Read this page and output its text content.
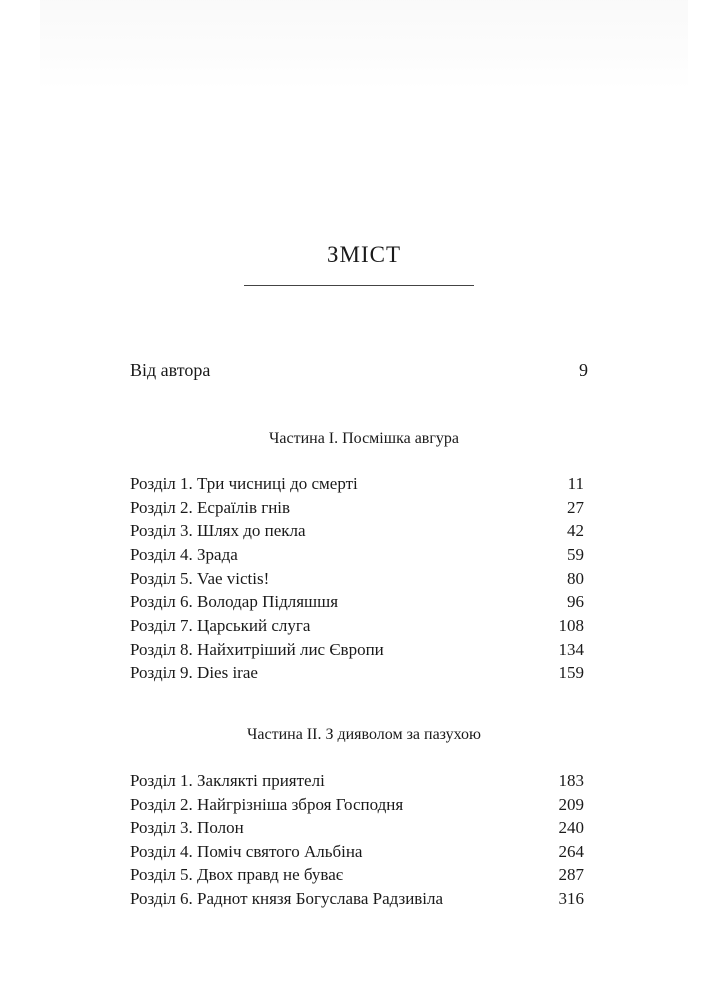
ЗМІСТ
Від автора	9
Частина I. Посмішка авгура
Розділ 1. Три чисниці до смерті	11
Розділ 2. Есраїлів гнів	27
Розділ 3. Шлях до пекла	42
Розділ 4. Зрада	59
Розділ 5. Vae victis!	80
Розділ 6. Володар Підляшшя	96
Розділ 7. Царський слуга	108
Розділ 8. Найхитріший лис Європи	134
Розділ 9. Dies irae	159
Частина II. З дияволом за пазухою
Розділ 1. Заклякті приятелі	183
Розділ 2. Найгрізніша зброя Господня	209
Розділ 3. Полон	240
Розділ 4. Поміч святого Альбіна	264
Розділ 5. Двох правд не буває	287
Розділ 6. Раднот князя Богуслава Радзивіла	316
